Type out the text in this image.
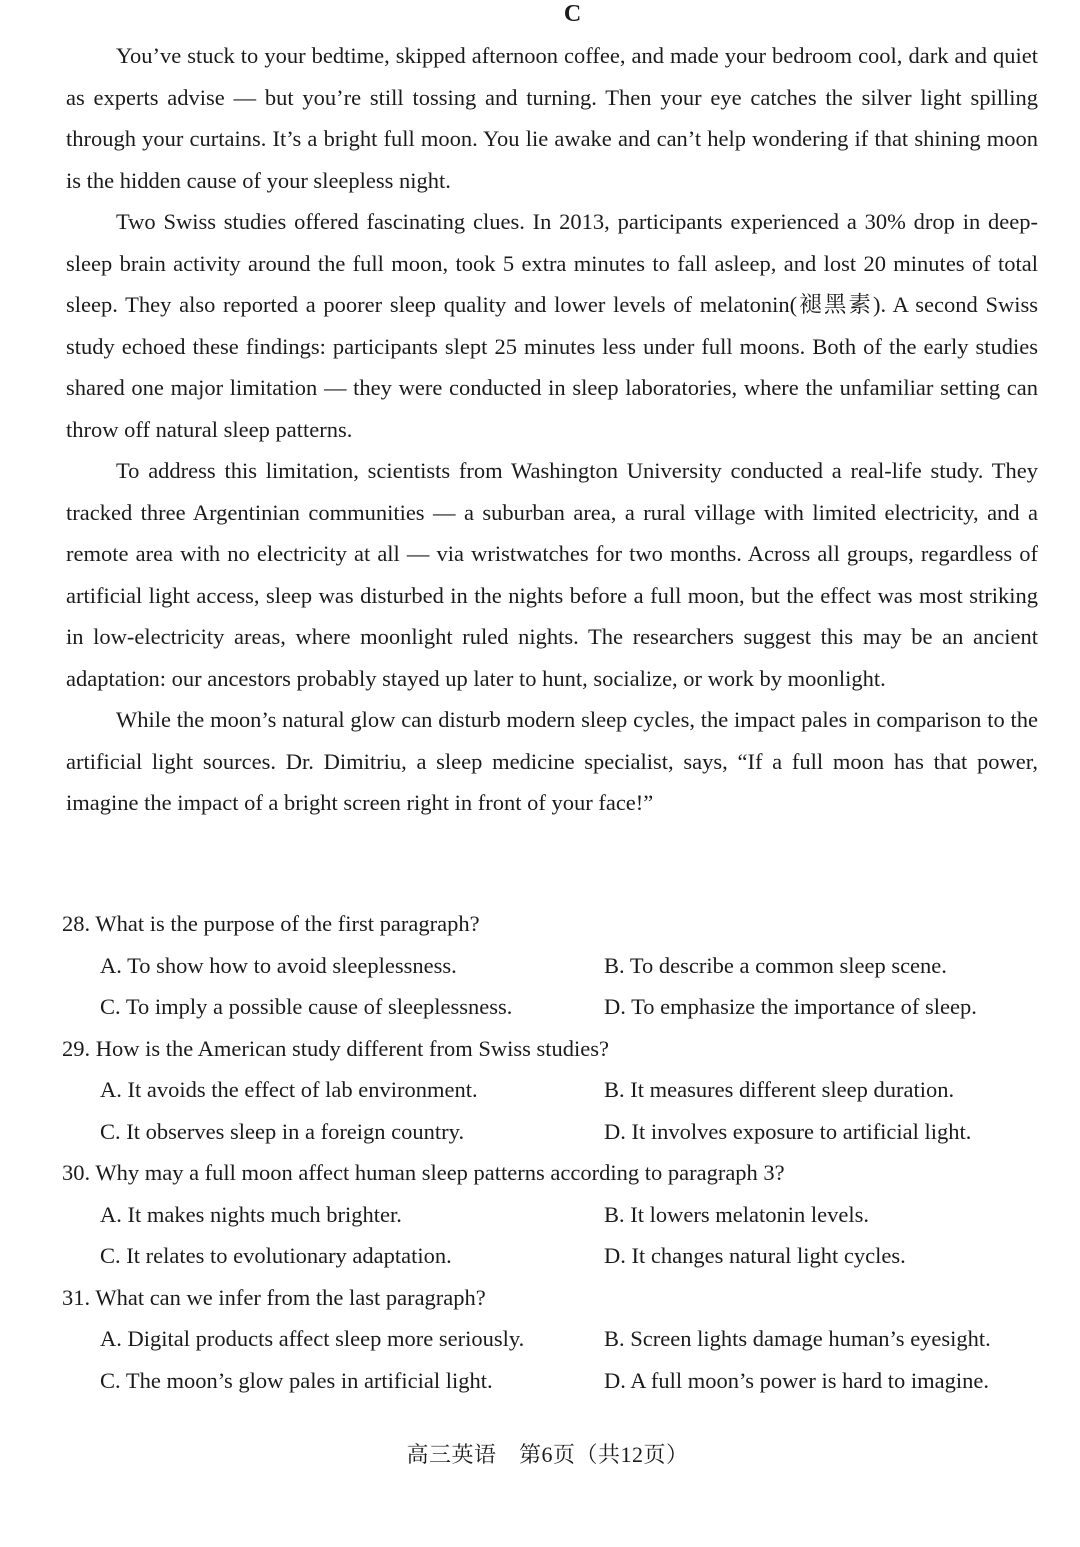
C

You’ve stuck to your bedtime, skipped afternoon coffee, and made your bedroom cool, dark and quiet as experts advise — but you’re still tossing and turning. Then your eye catches the silver light spilling through your curtains. It’s a bright full moon. You lie awake and can’t help wondering if that shining moon is the hidden cause of your sleepless night.

Two Swiss studies offered fascinating clues. In 2013, participants experienced a 30% drop in deep-sleep brain activity around the full moon, took 5 extra minutes to fall asleep, and lost 20 minutes of total sleep. They also reported a poorer sleep quality and lower levels of melatonin(褪黑素). A second Swiss study echoed these findings: participants slept 25 minutes less under full moons. Both of the early studies shared one major limitation — they were conducted in sleep laboratories, where the unfamiliar setting can throw off natural sleep patterns.

To address this limitation, scientists from Washington University conducted a real-life study. They tracked three Argentinian communities — a suburban area, a rural village with limited electricity, and a remote area with no electricity at all — via wristwatches for two months. Across all groups, regardless of artificial light access, sleep was disturbed in the nights before a full moon, but the effect was most striking in low-electricity areas, where moonlight ruled nights. The researchers suggest this may be an ancient adaptation: our ancestors probably stayed up later to hunt, socialize, or work by moonlight.

While the moon’s natural glow can disturb modern sleep cycles, the impact pales in comparison to the artificial light sources. Dr. Dimitriu, a sleep medicine specialist, says, “If a full moon has that power, imagine the impact of a bright screen right in front of your face!”

28. What is the purpose of the first paragraph?
A. To show how to avoid sleeplessness.	B. To describe a common sleep scene.
C. To imply a possible cause of sleeplessness.	D. To emphasize the importance of sleep.
29. How is the American study different from Swiss studies?
A. It avoids the effect of lab environment.	B. It measures different sleep duration.
C. It observes sleep in a foreign country.	D. It involves exposure to artificial light.
30. Why may a full moon affect human sleep patterns according to paragraph 3?
A. It makes nights much brighter.	B. It lowers melatonin levels.
C. It relates to evolutionary adaptation.	D. It changes natural light cycles.
31. What can we infer from the last paragraph?
A. Digital products affect sleep more seriously.	B. Screen lights damage human’s eyesight.
C. The moon’s glow pales in artificial light.	D. A full moon’s power is hard to imagine.
高三英语　第6页（共12页）
